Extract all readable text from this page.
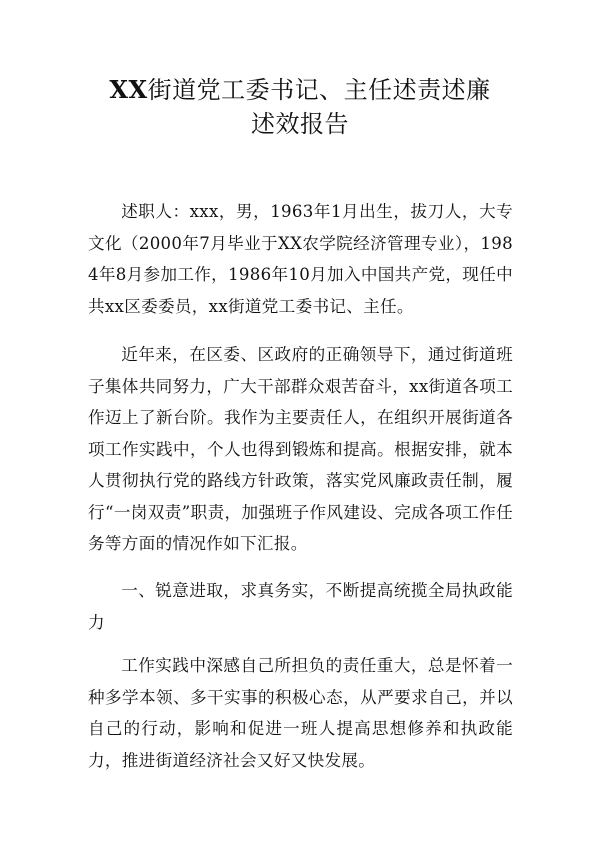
XX街道党工委书记、主任述责述廉
述效报告

述职人：xxx，男，1963年1月出生，拔刀人，大专文化（2000年7月毕业于XX农学院经济管理专业），1984年8月参加工作，1986年10月加入中国共产党，现任中共xx区委委员，xx街道党工委书记、主任。

近年来，在区委、区政府的正确领导下，通过街道班子集体共同努力，广大干部群众艰苦奋斗，xx街道各项工作迈上了新台阶。我作为主要责任人，在组织开展街道各项工作实践中，个人也得到锻炼和提高。根据安排，就本人贯彻执行党的路线方针政策，落实党风廉政责任制，履行“一岗双责”职责，加强班子作风建设、完成各项工作任务等方面的情况作如下汇报。

一、锐意进取，求真务实，不断提高统揽全局执政能力

工作实践中深感自己所担负的责任重大，总是怀着一种多学本领、多干实事的积极心态，从严要求自己，并以自己的行动，影响和促进一班人提高思想修养和执政能力，推进街道经济社会又好又快发展。
